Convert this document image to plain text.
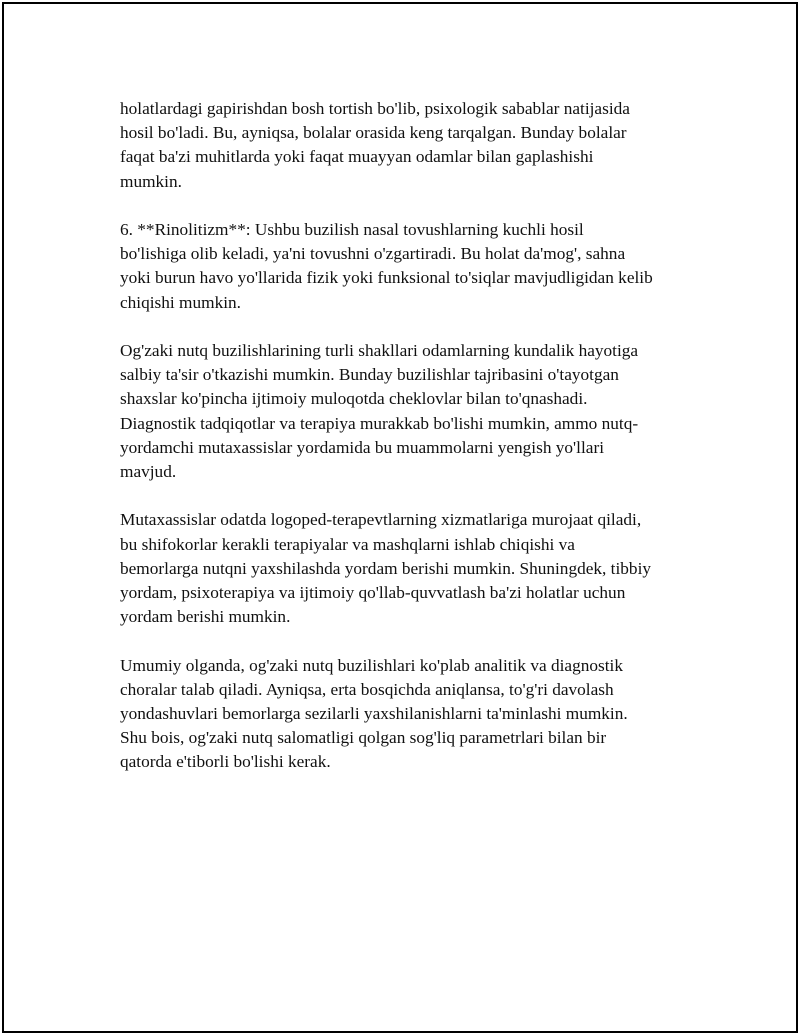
holatlardagi gapirishdan bosh tortish bo'lib, psixologik sabablar natijasida
hosil bo'ladi. Bu, ayniqsa, bolalar orasida keng tarqalgan. Bunday bolalar
faqat ba'zi muhitlarda yoki faqat muayyan odamlar bilan gaplashishi
mumkin.

6. **Rinolitizm**: Ushbu buzilish nasal tovushlarning kuchli hosil
bo'lishiga olib keladi, ya'ni tovushni o'zgartiradi. Bu holat da'mog', sahna
yoki burun havo yo'llarida fizik yoki funksional to'siqlar mavjudligidan kelib
chiqishi mumkin.

Og'zaki nutq buzilishlarining turli shakllari odamlarning kundalik hayotiga
salbiy ta'sir o'tkazishi mumkin. Bunday buzilishlar tajribasini o'tayotgan
shaxslar ko'pincha ijtimoiy muloqotda cheklovlar bilan to'qnashadi.
Diagnostik tadqiqotlar va terapiya murakkab bo'lishi mumkin, ammo nutq-
yordamchi mutaxassislar yordamida bu muammolarni yengish yo'llari
mavjud.

Mutaxassislar odatda logoped-terapevtlarning xizmatlariga murojaat qiladi,
bu shifokorlar kerakli terapiyalar va mashqlarni ishlab chiqishi va
bemorlarga nutqni yaxshilashda yordam berishi mumkin. Shuningdek, tibbiy
yordam, psixoterapiya va ijtimoiy qo'llab-quvvatlash ba'zi holatlar uchun
yordam berishi mumkin.

Umumiy olganda, og'zaki nutq buzilishlari ko'plab analitik va diagnostik
choralar talab qiladi. Ayniqsa, erta bosqichda aniqlansa, to'g'ri davolash
yondashuvlari bemorlarga sezilarli yaxshilanishlarni ta'minlashi mumkin.
Shu bois, og'zaki nutq salomatligi qolgan sog'liq parametrlari bilan bir
qatorda e'tiborli bo'lishi kerak.
